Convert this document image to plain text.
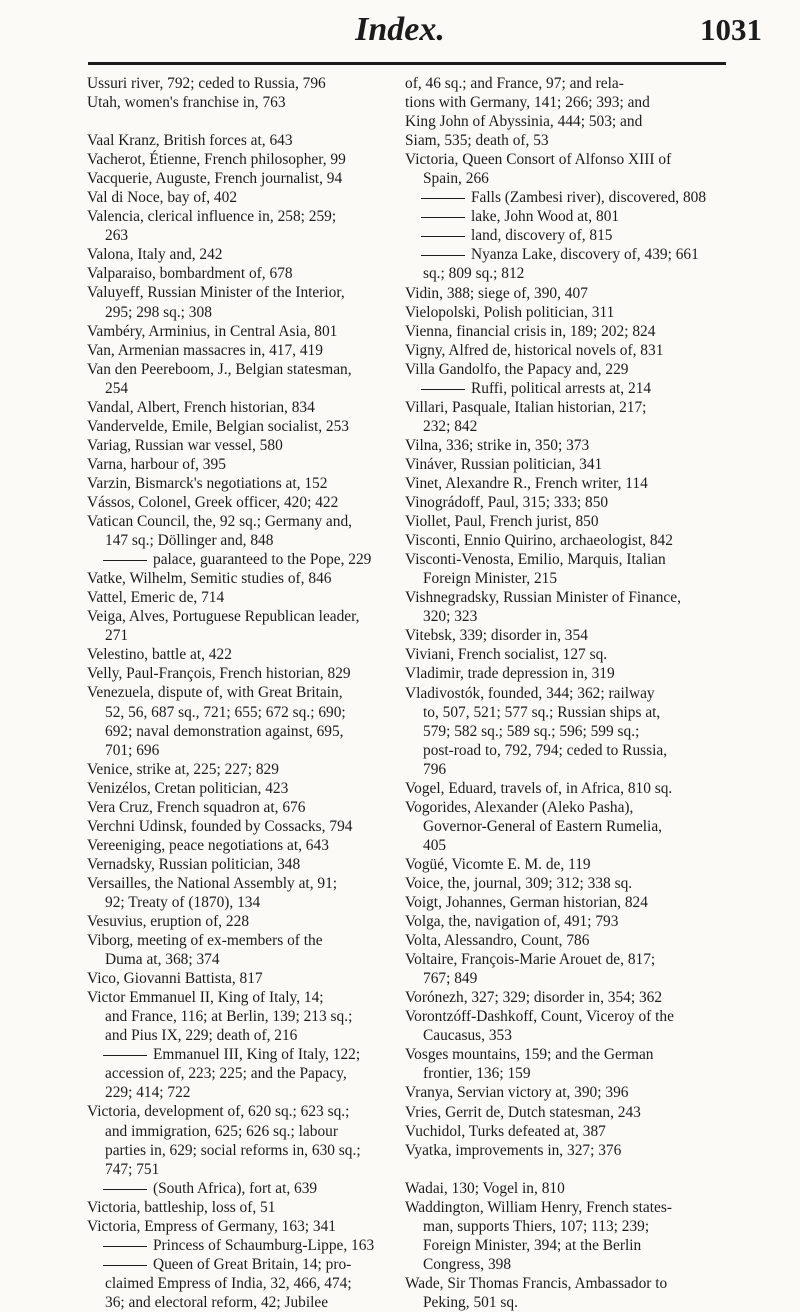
Index.	1031
Ussuri river, 792; ceded to Russia, 796
Utah, women's franchise in, 763
Vaal Kranz, British forces at, 643
Vacherot, Étienne, French philosopher, 99
Vacquerie, Auguste, French journalist, 94
Val di Noce, bay of, 402
Valencia, clerical influence in, 258; 259;
263
Valona, Italy and, 242
Valparaiso, bombardment of, 678
Valuyeff, Russian Minister of the Interior,
295; 298 sq.; 308
Vambéry, Arminius, in Central Asia, 801
Van, Armenian massacres in, 417, 419
Van den Peereboom, J., Belgian statesman,
254
Vandal, Albert, French historian, 834
Vandervelde, Emile, Belgian socialist, 253
Variag, Russian war vessel, 580
Varna, harbour of, 395
Varzin, Bismarck's negotiations at, 152
Vássos, Colonel, Greek officer, 420; 422
Vatican Council, the, 92 sq.; Germany and,
147 sq.; Döllinger and, 848
palace, guaranteed to the Pope, 229
Vatke, Wilhelm, Semitic studies of, 846
Vattel, Emeric de, 714
Veiga, Alves, Portuguese Republican leader,
271
Velestino, battle at, 422
Velly, Paul-François, French historian, 829
Venezuela, dispute of, with Great Britain,
52, 56, 687 sq., 721; 655; 672 sq.; 690;
692; naval demonstration against, 695,
701; 696
Venice, strike at, 225; 227; 829
Venizélos, Cretan politician, 423
Vera Cruz, French squadron at, 676
Verchni Udinsk, founded by Cossacks, 794
Vereeniging, peace negotiations at, 643
Vernadsky, Russian politician, 348
Versailles, the National Assembly at, 91;
92; Treaty of (1870), 134
Vesuvius, eruption of, 228
Viborg, meeting of ex-members of the
Duma at, 368; 374
Vico, Giovanni Battista, 817
Victor Emmanuel II, King of Italy, 14;
and France, 116; at Berlin, 139; 213 sq.;
and Pius IX, 229; death of, 216
Emmanuel III, King of Italy, 122;
accession of, 223; 225; and the Papacy,
229; 414; 722
Victoria, development of, 620 sq.; 623 sq.;
and immigration, 625; 626 sq.; labour
parties in, 629; social reforms in, 630 sq.;
747; 751
(South Africa), fort at, 639
Victoria, battleship, loss of, 51
Victoria, Empress of Germany, 163; 341
Princess of Schaumburg-Lippe, 163
Queen of Great Britain, 14; pro-
claimed Empress of India, 32, 466, 474;
36; and electoral reform, 42; Jubilee
of, 46 sq.; and France, 97; and rela-
tions with Germany, 141; 266; 393; and
King John of Abyssinia, 444; 503; and
Siam, 535; death of, 53
Victoria, Queen Consort of Alfonso XIII of
Spain, 266
Falls (Zambesi river), discovered, 808
lake, John Wood at, 801
land, discovery of, 815
Nyanza Lake, discovery of, 439; 661
sq.; 809 sq.; 812
Vidin, 388; siege of, 390, 407
Vielopolski, Polish politician, 311
Vienna, financial crisis in, 189; 202; 824
Vigny, Alfred de, historical novels of, 831
Villa Gandolfo, the Papacy and, 229
Ruffi, political arrests at, 214
Villari, Pasquale, Italian historian, 217;
232; 842
Vilna, 336; strike in, 350; 373
Vináver, Russian politician, 341
Vinet, Alexandre R., French writer, 114
Vinográdoff, Paul, 315; 333; 850
Viollet, Paul, French jurist, 850
Visconti, Ennio Quirino, archaeologist, 842
Visconti-Venosta, Emilio, Marquis, Italian
Foreign Minister, 215
Vishnegradsky, Russian Minister of Finance,
320; 323
Vitebsk, 339; disorder in, 354
Viviani, French socialist, 127 sq.
Vladimir, trade depression in, 319
Vladivostók, founded, 344; 362; railway
to, 507, 521; 577 sq.; Russian ships at,
579; 582 sq.; 589 sq.; 596; 599 sq.;
post-road to, 792, 794; ceded to Russia,
796
Vogel, Eduard, travels of, in Africa, 810 sq.
Vogorides, Alexander (Aleko Pasha),
Governor-General of Eastern Rumelia,
405
Vogüé, Vicomte E. M. de, 119
Voice, the, journal, 309; 312; 338 sq.
Voigt, Johannes, German historian, 824
Volga, the, navigation of, 491; 793
Volta, Alessandro, Count, 786
Voltaire, François-Marie Arouet de, 817;
767; 849
Vorónezh, 327; 329; disorder in, 354; 362
Vorontzóff-Dashkoff, Count, Viceroy of the
Caucasus, 353
Vosges mountains, 159; and the German
frontier, 136; 159
Vranya, Servian victory at, 390; 396
Vries, Gerrit de, Dutch statesman, 243
Vuchidol, Turks defeated at, 387
Vyatka, improvements in, 327; 376
Wadai, 130; Vogel in, 810
Waddington, William Henry, French states-
man, supports Thiers, 107; 113; 239;
Foreign Minister, 394; at the Berlin
Congress, 398
Wade, Sir Thomas Francis, Ambassador to
Peking, 501 sq.
